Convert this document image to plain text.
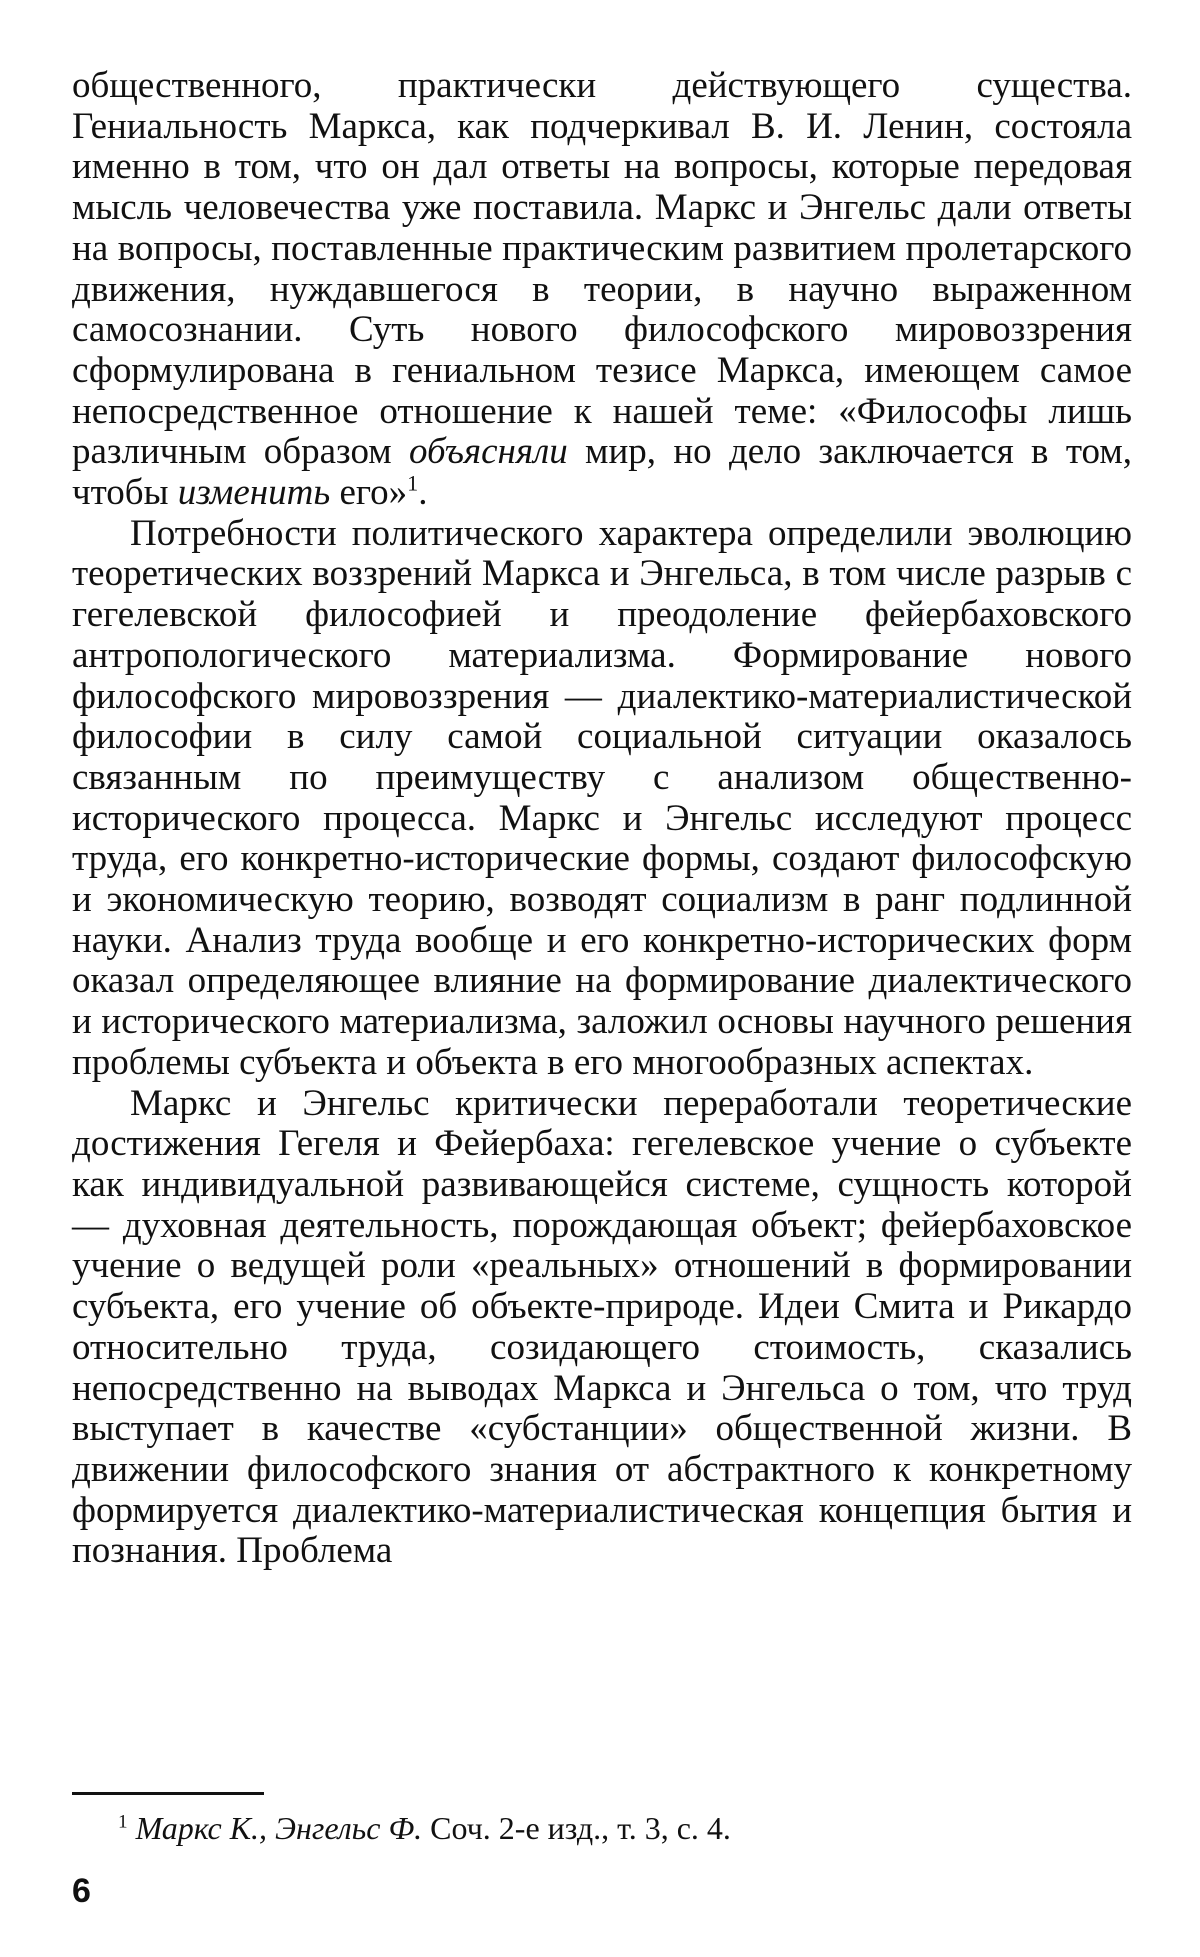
общественного, практически действующего существа. Гениальность Маркса, как подчеркивал В. И. Ленин, состояла именно в том, что он дал ответы на вопросы, которые передовая мысль человечества уже поставила. Маркс и Энгельс дали ответы на вопросы, поставленные практическим развитием пролетарского движения, нуждавшегося в теории, в научно выраженном самосознании. Суть нового философского мировоззрения сформулирована в гениальном тезисе Маркса, имеющем самое непосредственное отношение к нашей теме: «Философы лишь различным образом объясняли мир, но дело заключается в том, чтобы изменить его»$^1$.

Потребности политического характера определили эволюцию теоретических воззрений Маркса и Энгельса, в том числе разрыв с гегелевской философией и преодоление фейербаховского антропологического материализма. Формирование нового философского мировоззрения — диалектико-материалистической философии в силу самой социальной ситуации оказалось связанным по преимуществу с анализом общественно-исторического процесса. Маркс и Энгельс исследуют процесс труда, его конкретно-исторические формы, создают философскую и экономическую теорию, возводят социализм в ранг подлинной науки. Анализ труда вообще и его конкретно-исторических форм оказал определяющее влияние на формирование диалектического и исторического материализма, заложил основы научного решения проблемы субъекта и объекта в его многообразных аспектах.

Маркс и Энгельс критически переработали теоретические достижения Гегеля и Фейербаха: гегелевское учение о субъекте как индивидуальной развивающейся системе, сущность которой — духовная деятельность, порождающая объект; фейербаховское учение о ведущей роли «реальных» отношений в формировании субъекта, его учение об объекте-природе. Идеи Смита и Рикардо относительно труда, созидающего стоимость, сказались непосредственно на выводах Маркса и Энгельса о том, что труд выступает в качестве «субстанции» общественной жизни. В движении философского знания от абстрактного к конкретному формируется диалектико-материалистическая концепция бытия и познания. Проблема

$^1$ Маркс К., Энгельс Ф. Соч. 2-е изд., т. 3, с. 4.
6
